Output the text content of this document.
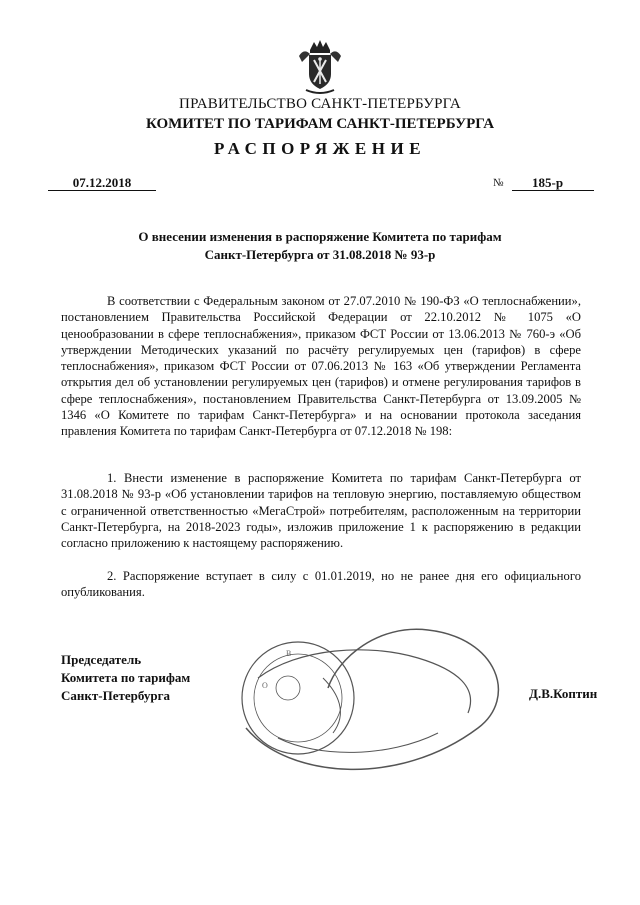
ПРАВИТЕЛЬСТВО САНКТ-ПЕТЕРБУРГА
КОМИТЕТ ПО ТАРИФАМ САНКТ-ПЕТЕРБУРГА
РАСПОРЯЖЕНИЕ
07.12.2018	№	185-р
О внесении изменения в распоряжение Комитета по тарифам
Санкт-Петербурга от 31.08.2018 № 93-р
В соответствии с Федеральным законом от 27.07.2010 № 190-ФЗ «О теплоснабжении», постановлением Правительства Российской Федерации от 22.10.2012 № 1075 «О ценообразовании в сфере теплоснабжения», приказом ФСТ России от 13.06.2013 № 760-э «Об утверждении Методических указаний по расчёту регулируемых цен (тарифов) в сфере теплоснабжения», приказом ФСТ России от 07.06.2013 № 163 «Об утверждении Регламента открытия дел об установлении регулируемых цен (тарифов) и отмене регулирования тарифов в сфере теплоснабжения», постановлением Правительства Санкт-Петербурга от 13.09.2005 № 1346 «О Комитете по тарифам Санкт-Петербурга» и на основании протокола заседания правления Комитета по тарифам Санкт-Петербурга от 07.12.2018 № 198:
1. Внести изменение в распоряжение Комитета по тарифам Санкт-Петербурга от 31.08.2018 № 93-р «Об установлении тарифов на тепловую энергию, поставляемую обществом с ограниченной ответственностью «МегаСтрой» потребителям, расположенным на территории Санкт-Петербурга, на 2018-2023 годы», изложив приложение 1 к распоряжению в редакции согласно приложению к настоящему распоряжению.
2. Распоряжение вступает в силу с 01.01.2019, но не ранее дня его официального опубликования.
Председатель
Комитета по тарифам
Санкт-Петербурга
В
О
Д.В.Коптин
